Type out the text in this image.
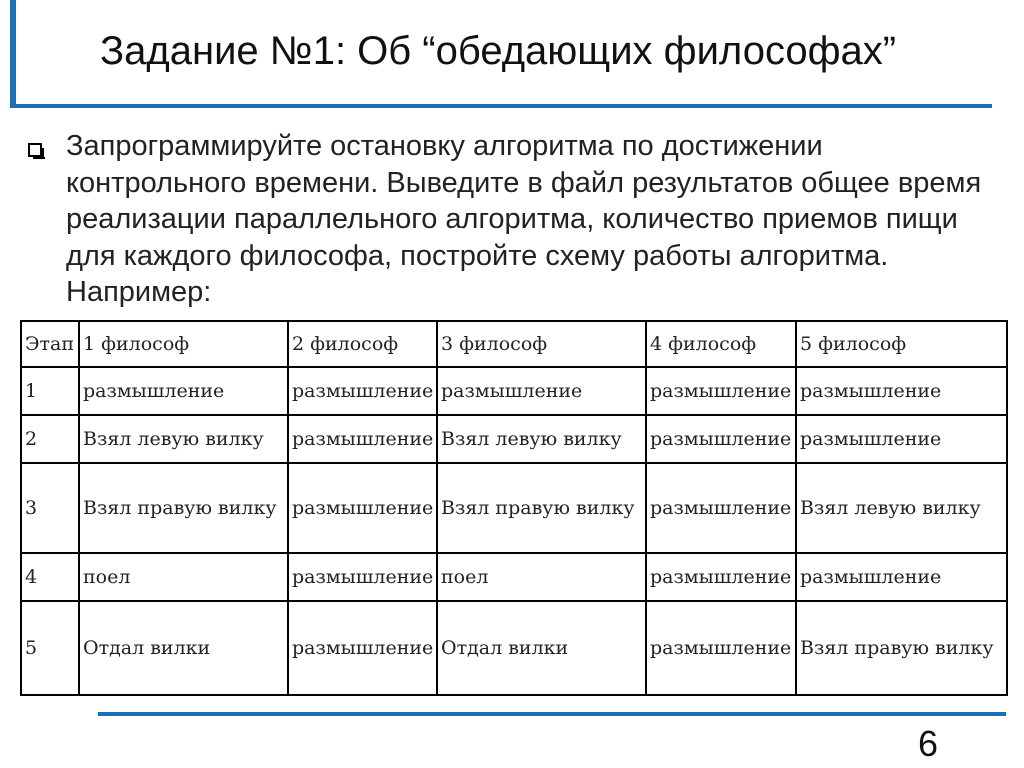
Задание №1: Об “обедающих философах”
Запрограммируйте остановку алгоритма по достижении контрольного времени. Выведите в файл результатов общее время реализации параллельного алгоритма, количество приемов пищи для каждого философа, постройте схему работы алгоритма. Например:
Этап	1 философ	2 философ	3 философ	4 философ	5 философ
1	размышление	размышление	размышление	размышление	размышление
2	Взял левую вилку	размышление	Взял левую вилку	размышление	размышление
3	Взял правую вилку	размышление	Взял правую вилку	размышление	Взял левую вилку
4	поел	размышление	поел	размышление	размышление
5	Отдал вилки	размышление	Отдал вилки	размышление	Взял правую вилку
6
